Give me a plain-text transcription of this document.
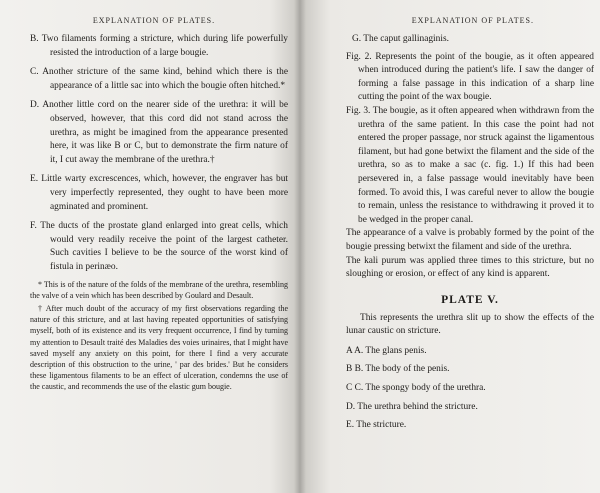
EXPLANATION OF PLATES.

B. Two filaments forming a stricture, which during life powerfully resisted the introduction of a large bougie.

C. Another stricture of the same kind, behind which there is the appearance of a little sac into which the bougie often hitched.*

D. Another little cord on the nearer side of the urethra: it will be observed, however, that this cord did not stand across the urethra, as might be imagined from the appearance presented here, it was like B or C, but to demonstrate the firm nature of it, I cut away the membrane of the urethra.†

E. Little warty excrescences, which, however, the engraver has but very imperfectly represented, they ought to have been more agminated and prominent.

F. The ducts of the prostate gland enlarged into great cells, which would very readily receive the point of the largest catheter. Such cavities I believe to be the source of the worst kind of fistula in perinæo.

* This is of the nature of the folds of the membrane of the urethra, resembling the valve of a vein which has been described by Goulard and Desault.

† After much doubt of the accuracy of my first observations regarding the nature of this stricture, and at last having repeated opportunities of satisfying myself, both of its existence and its very frequent occurrence, I find by turning my attention to Desault traité des Maladies des voies urinaires, that I might have saved myself any anxiety on this point, for there I find a very accurate description of this obstruction to the urine, ' par des brides.' But he considers these ligamentous filaments to be an effect of ulceration, condemns the use of the caustic, and recommends the use of the elastic gum bougie.

EXPLANATION OF PLATES.

G. The caput gallinaginis.

Fig. 2. Represents the point of the bougie, as it often appeared when introduced during the patient's life. I saw the danger of forming a false passage in this indication of a sharp line cutting the point of the wax bougie.

Fig. 3. The bougie, as it often appeared when withdrawn from the urethra of the same patient. In this case the point had not entered the proper passage, nor struck against the ligamentous filament, but had gone betwixt the filament and the side of the urethra, so as to make a sac (c. fig. 1.) If this had been persevered in, a false passage would inevitably have been formed. To avoid this, I was careful never to allow the bougie to remain, unless the resistance to withdrawing it proved it to be wedged in the proper canal.

The appearance of a valve is probably formed by the point of the bougie pressing betwixt the filament and side of the urethra.

The kali purum was applied three times to this stricture, but no sloughing or erosion, or effect of any kind is apparent.

PLATE V.

This represents the urethra slit up to show the effects of the lunar caustic on stricture.

A A. The glans penis.

B B. The body of the penis.

C C. The spongy body of the urethra.

D. The urethra behind the stricture.

E. The stricture.
